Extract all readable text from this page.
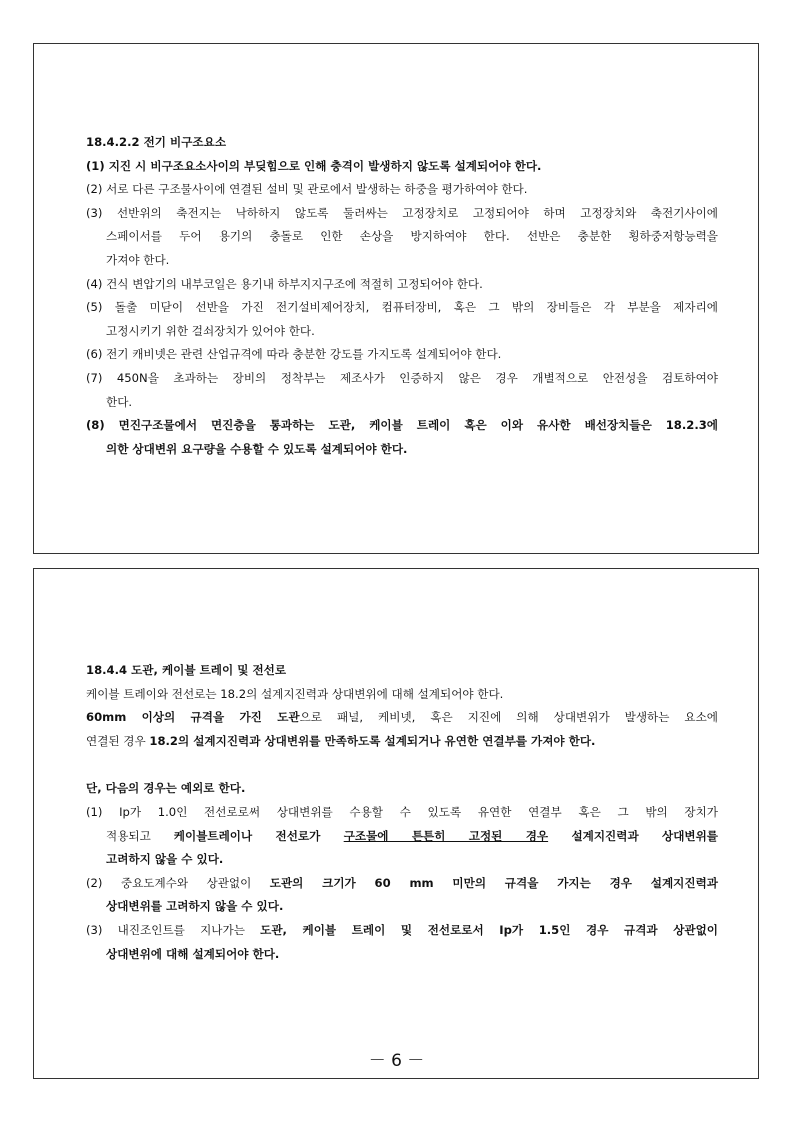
18.4.2.2 전기 비구조요소
(1) 지진 시 비구조요소사이의 부딪힘으로 인해 충격이 발생하지 않도록 설계되어야 한다.
(2) 서로 다른 구조물사이에 연결된 설비 및 관로에서 발생하는 하중을 평가하여야 한다.
(3) 선반위의 축전지는 낙하하지 않도록 둘러싸는 고정장치로 고정되어야 하며 고정장치와 축전기사이에
스페이서를 두어 용기의 충돌로 인한 손상을 방지하여야 한다. 선반은 충분한 횡하중저항능력을
가져야 한다.
(4) 건식 변압기의 내부코일은 용기내 하부지지구조에 적절히 고정되어야 한다.
(5) 돌출 미닫이 선반을 가진 전기설비제어장치, 컴퓨터장비, 혹은 그 밖의 장비들은 각 부분을 제자리에
고정시키기 위한 걸쇠장치가 있어야 한다.
(6) 전기 캐비넷은 관련 산업규격에 따라 충분한 강도를 가지도록 설계되어야 한다.
(7) 450N을 초과하는 장비의 정착부는 제조사가 인증하지 않은 경우 개별적으로 안전성을 검토하여야
한다.
(8) 면진구조물에서 면진층을 통과하는 도관, 케이블 트레이 혹은 이와 유사한 배선장치들은 18.2.3에
의한 상대변위 요구량을 수용할 수 있도록 설계되어야 한다.
18.4.4 도관, 케이블 트레이 및 전선로
케이블 트레이와 전선로는 18.2의 설계지진력과 상대변위에 대해 설계되어야 한다.
60mm 이상의 규격을 가진 도관으로 패널, 케비넷, 혹은 지진에 의해 상대변위가 발생하는 요소에
연결된 경우 18.2의 설계지진력과 상대변위를 만족하도록 설계되거나 유연한 연결부를 가져야 한다.
단, 다음의 경우는 예외로 한다.
(1) Ip가 1.0인 전선로로써 상대변위를 수용할 수 있도록 유연한 연결부 혹은 그 밖의 장치가
적용되고 케이블트레이나 전선로가 구조물에 튼튼히 고정된 경우 설계지진력과 상대변위를
고려하지 않을 수 있다.
(2) 중요도계수와 상관없이 도관의 크기가 60 mm 미만의 규격을 가지는 경우 설계지진력과
상대변위를 고려하지 않을 수 있다.
(3) 내진조인트를 지나가는 도관, 케이블 트레이 및 전선로로서 Ip가 1.5인 경우 규격과 상관없이
상대변위에 대해 설계되어야 한다.
－ 6 －
